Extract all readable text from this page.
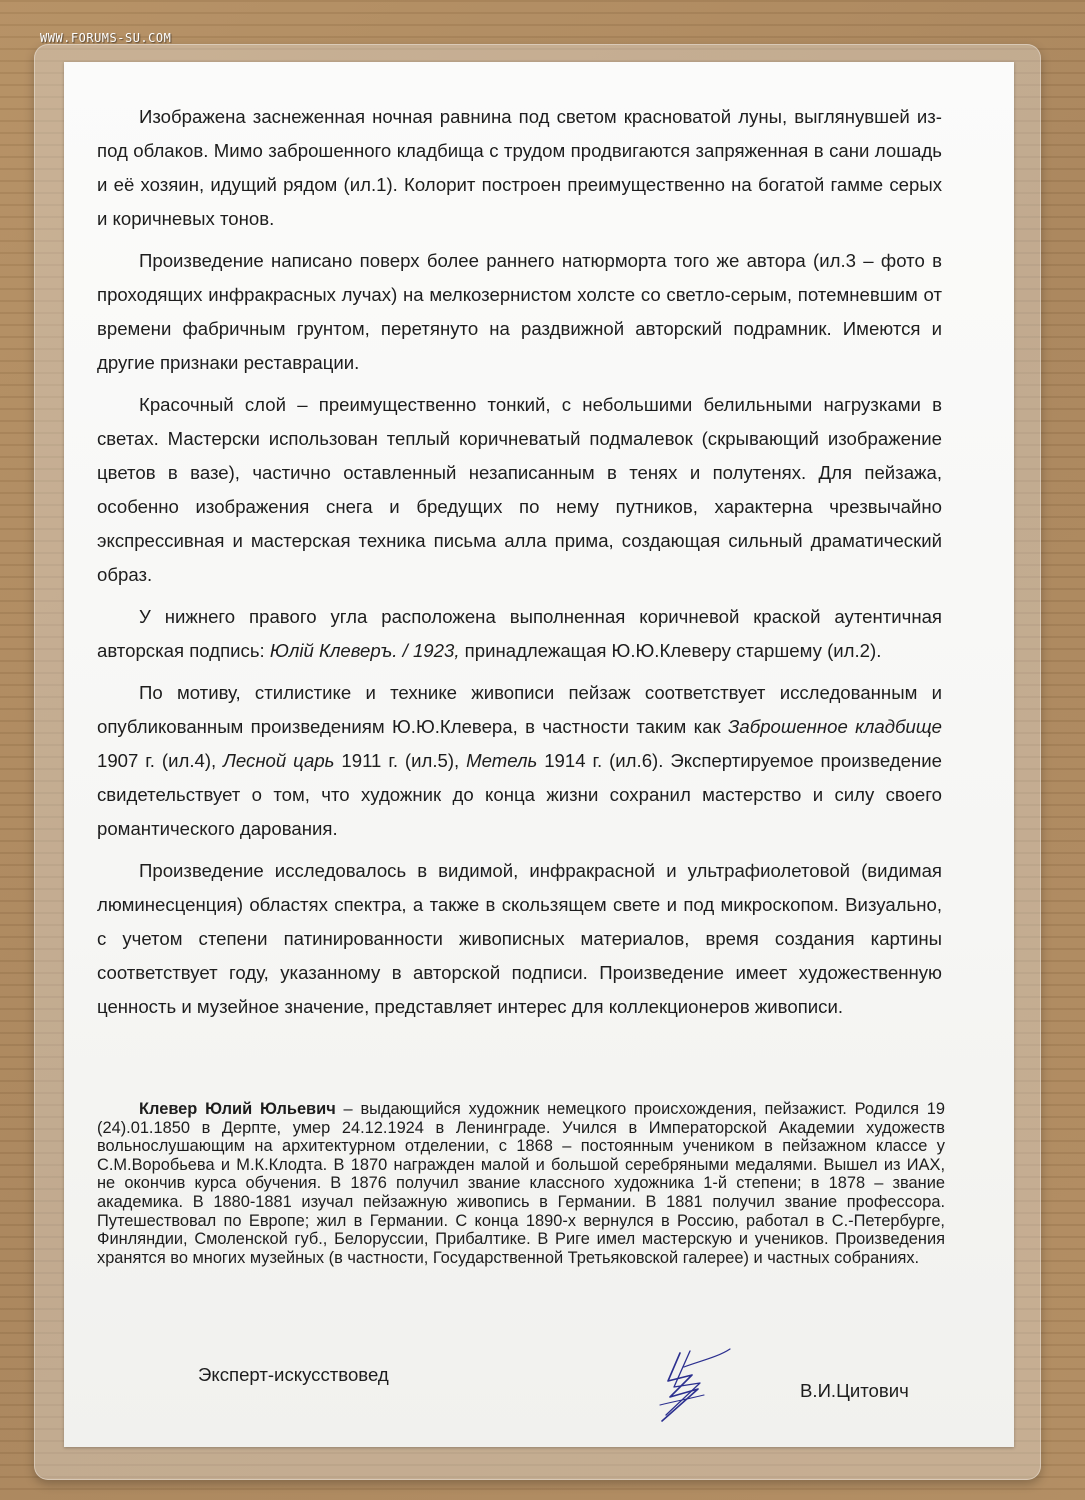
WWW.FORUMS-SU.COM

Изображена заснеженная ночная равнина под светом красноватой луны, выглянувшей из-под облаков. Мимо заброшенного кладбища с трудом продвигаются запряженная в сани лошадь и её хозяин, идущий рядом (ил.1). Колорит построен преимущественно на богатой гамме серых и коричневых тонов.

Произведение написано поверх более раннего натюрморта того же автора (ил.3 – фото в проходящих инфракрасных лучах) на мелкозернистом холсте со светло-серым, потемневшим от времени фабричным грунтом, перетянуто на раздвижной авторский подрамник. Имеются и другие признаки реставрации.

Красочный слой – преимущественно тонкий, с небольшими белильными нагрузками в светах. Мастерски использован теплый коричневатый подмалевок (скрывающий изображение цветов в вазе), частично оставленный незаписанным в тенях и полутенях. Для пейзажа, особенно изображения снега и бредущих по нему путников, характерна чрезвычайно экспрессивная и мастерская техника письма алла прима, создающая сильный драматический образ.

У нижнего правого угла расположена выполненная коричневой краской аутентичная авторская подпись: Юлій Клеверъ. / 1923, принадлежащая Ю.Ю.Клеверу старшему (ил.2).

По мотиву, стилистике и технике живописи пейзаж соответствует исследованным и опубликованным произведениям Ю.Ю.Клевера, в частности таким как Заброшенное кладбище 1907 г. (ил.4), Лесной царь 1911 г. (ил.5), Метель 1914 г. (ил.6). Экспертируемое произведение свидетельствует о том, что художник до конца жизни сохранил мастерство и силу своего романтического дарования.

Произведение исследовалось в видимой, инфракрасной и ультрафиолетовой (видимая люминесценция) областях спектра, а также в скользящем свете и под микроскопом. Визуально, с учетом степени патинированности живописных материалов, время создания картины соответствует году, указанному в авторской подписи. Произведение имеет художественную ценность и музейное значение, представляет интерес для коллекционеров живописи.

Клевер Юлий Юльевич – выдающийся художник немецкого происхождения, пейзажист. Родился 19 (24).01.1850 в Дерпте, умер 24.12.1924 в Ленинграде. Учился в Императорской Академии художеств вольнослушающим на архитектурном отделении, с 1868 – постоянным учеником в пейзажном классе у С.М.Воробьева и М.К.Клодта. В 1870 награжден малой и большой серебряными медалями. Вышел из ИАХ, не окончив курса обучения. В 1876 получил звание классного художника 1-й степени; в 1878 – звание академика. В 1880-1881 изучал пейзажную живопись в Германии. В 1881 получил звание профессора. Путешествовал по Европе; жил в Германии. С конца 1890-х вернулся в Россию, работал в С.-Петербурге, Финляндии, Смоленской губ., Белоруссии, Прибалтике. В Риге имел мастерскую и учеников. Произведения хранятся во многих музейных (в частности, Государственной Третьяковской галерее) и частных собраниях.

Эксперт-искусствовед
В.И.Цитович
